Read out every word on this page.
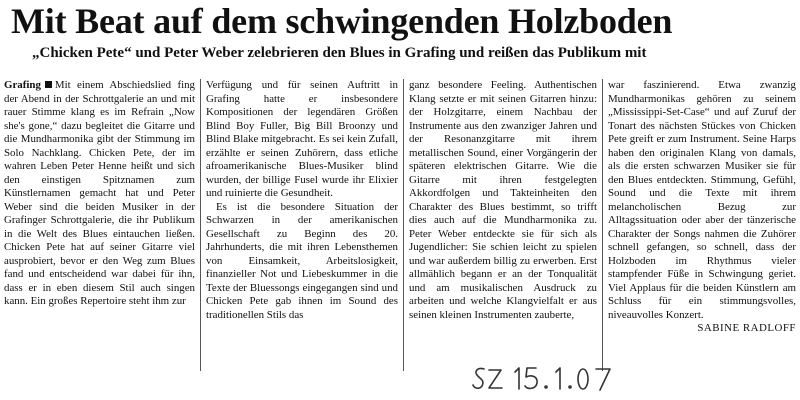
Mit Beat auf dem schwingenden Holzboden
„Chicken Pete“ und Peter Weber zelebrieren den Blues in Grafing und reißen das Publikum mit

Grafing Mit einem Abschiedslied fing der Abend in der Schrottgalerie an und mit rauer Stimme klang es im Refrain „Now she's gone,“ dazu begleitet die Gitarre und die Mundharmonika gibt der Stimmung im Solo Nachklang. Chicken Pete, der im wahren Leben Peter Henne heißt und sich den einstigen Spitznamen zum Künstlernamen gemacht hat und Peter Weber sind die beiden Musiker in der Grafinger Schrottgalerie, die ihr Publikum in die Welt des Blues eintauchen ließen. Chicken Pete hat auf seiner Gitarre viel ausprobiert, bevor er den Weg zum Blues fand und entscheidend war dabei für ihn, dass er in eben diesem Stil auch singen kann. Ein großes Repertoire steht ihm zur

Verfügung und für seinen Auftritt in Grafing hatte er insbesondere Kompositionen der legendären Größen Blind Boy Fuller, Big Bill Broonzy und Blind Blake mitgebracht. Es sei kein Zufall, erzählte er seinen Zuhörern, dass etliche afroamerikanische Blues-Musiker blind wurden, der billige Fusel wurde ihr Elixier und ruinierte die Gesundheit.

Es ist die besondere Situation der Schwarzen in der amerikanischen Gesellschaft zu Beginn des 20. Jahrhunderts, die mit ihren Lebensthemen von Einsamkeit, Arbeitslosigkeit, finanzieller Not und Liebeskummer in die Texte der Bluessongs eingegangen sind und Chicken Pete gab ihnen im Sound des traditionellen Stils das

ganz besondere Feeling. Authentischen Klang setzte er mit seinen Gitarren hinzu: der Holzgitarre, einem Nachbau der Instrumente aus den zwanziger Jahren und der Resonanzgitarre mit ihrem metallischen Sound, einer Vorgängerin der späteren elektrischen Gitarre. Wie die Gitarre mit ihren festgelegten Akkordfolgen und Takteinheiten den Charakter des Blues bestimmt, so trifft dies auch auf die Mundharmonika zu. Peter Weber entdeckte sie für sich als Jugendlicher: Sie schien leicht zu spielen und war außerdem billig zu erwerben. Erst allmählich begann er an der Tonqualität und am musikalischen Ausdruck zu arbeiten und welche Klangvielfalt er aus seinen kleinen Instrumenten zauberte,

war faszinierend. Etwa zwanzig Mundharmonikas gehören zu seinem „Mississippi-Set-Case“ und auf Zuruf der Tonart des nächsten Stückes von Chicken Pete greift er zum Instrument. Seine Harps haben den originalen Klang von damals, als die ersten schwarzen Musiker sie für den Blues entdeckten. Stimmung, Gefühl, Sound und die Texte mit ihrem melancholischen Bezug zur Alltagssituation oder aber der tänzerische Charakter der Songs nahmen die Zuhörer schnell gefangen, so schnell, dass der Holzboden im Rhythmus vieler stampfender Füße in Schwingung geriet. Viel Applaus für die beiden Künstlern am Schluss für ein stimmungsvolles, niveauvolles Konzert.

SABINE RADLOFF
